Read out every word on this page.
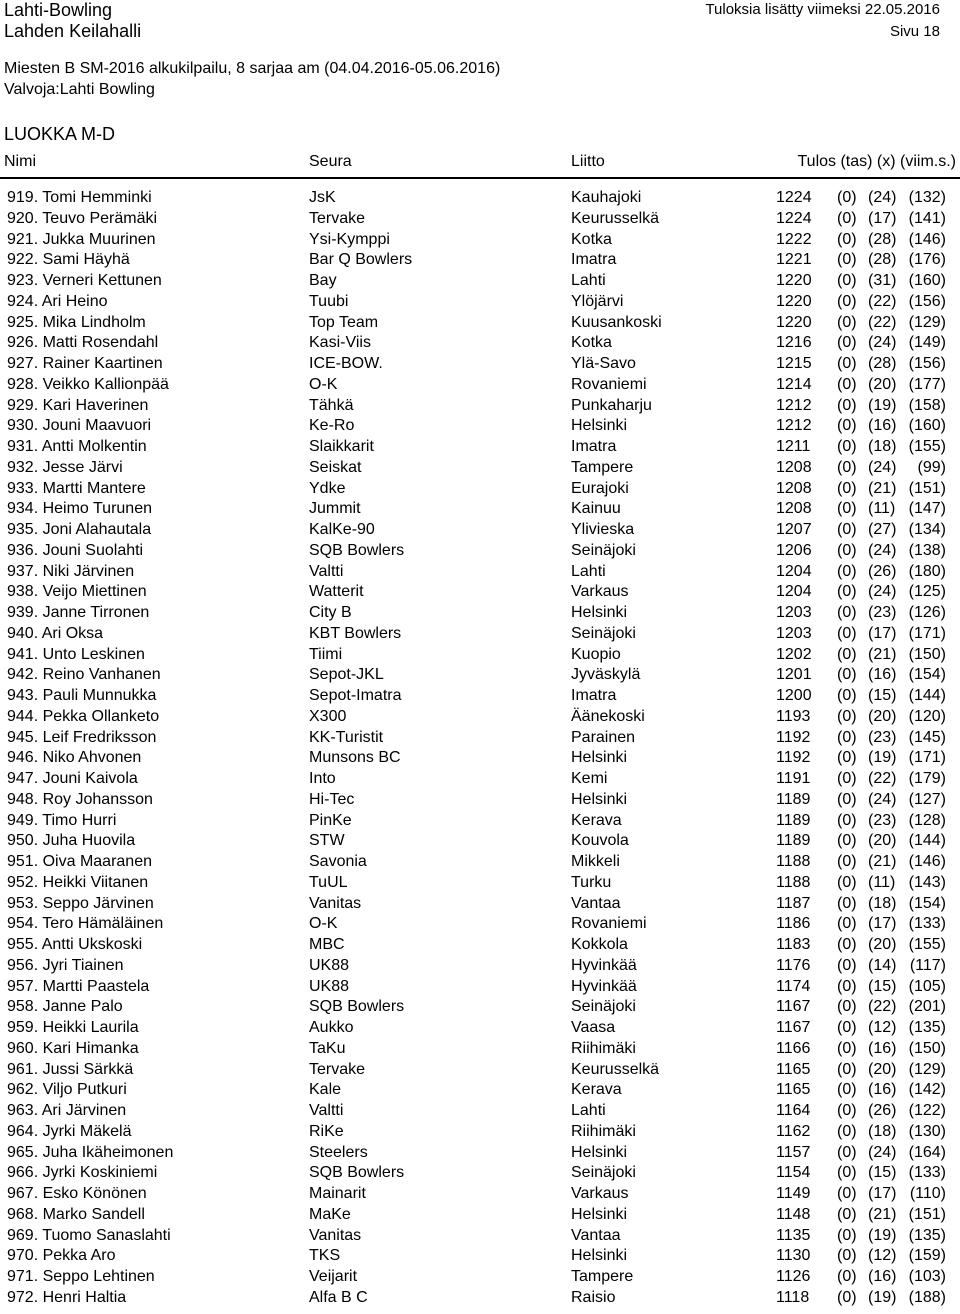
Lahti-Bowling
Lahden Keilahalli
Tuloksia lisätty viimeksi 22.05.2016
Sivu 18
Miesten B SM-2016 alkukilpailu, 8 sarjaa am (04.04.2016-05.06.2016)
Valvoja:Lahti Bowling
LUOKKA M-D
Nimi	Seura	Liitto	Tulos (tas) (x) (viim.s.)
919. Tomi Hemminki	JsK	Kauhajoki	1224 (0) (24) (132)
920. Teuvo Perämäki	Tervake	Keurusselkä	1224 (0) (17) (141)
921. Jukka Muurinen	Ysi-Kymppi	Kotka	1222 (0) (28) (146)
922. Sami Häyhä	Bar Q Bowlers	Imatra	1221 (0) (28) (176)
923. Verneri Kettunen	Bay	Lahti	1220 (0) (31) (160)
924. Ari Heino	Tuubi	Ylöjärvi	1220 (0) (22) (156)
925. Mika Lindholm	Top Team	Kuusankoski	1220 (0) (22) (129)
926. Matti Rosendahl	Kasi-Viis	Kotka	1216 (0) (24) (149)
927. Rainer Kaartinen	ICE-BOW.	Ylä-Savo	1215 (0) (28) (156)
928. Veikko Kallionpää	O-K	Rovaniemi	1214 (0) (20) (177)
929. Kari Haverinen	Tähkä	Punkaharju	1212 (0) (19) (158)
930. Jouni Maavuori	Ke-Ro	Helsinki	1212 (0) (16) (160)
931. Antti Molkentin	Slaikkarit	Imatra	1211 (0) (18) (155)
932. Jesse Järvi	Seiskat	Tampere	1208 (0) (24) (99)
933. Martti Mantere	Ydke	Eurajoki	1208 (0) (21) (151)
934. Heimo Turunen	Jummit	Kainuu	1208 (0) (11) (147)
935. Joni Alahautala	KalKe-90	Ylivieska	1207 (0) (27) (134)
936. Jouni Suolahti	SQB Bowlers	Seinäjoki	1206 (0) (24) (138)
937. Niki Järvinen	Valtti	Lahti	1204 (0) (26) (180)
938. Veijo Miettinen	Watterit	Varkaus	1204 (0) (24) (125)
939. Janne Tirronen	City B	Helsinki	1203 (0) (23) (126)
940. Ari Oksa	KBT Bowlers	Seinäjoki	1203 (0) (17) (171)
941. Unto Leskinen	Tiimi	Kuopio	1202 (0) (21) (150)
942. Reino Vanhanen	Sepot-JKL	Jyväskylä	1201 (0) (16) (154)
943. Pauli Munnukka	Sepot-Imatra	Imatra	1200 (0) (15) (144)
944. Pekka Ollanketo	X300	Äänekoski	1193 (0) (20) (120)
945. Leif Fredriksson	KK-Turistit	Parainen	1192 (0) (23) (145)
946. Niko Ahvonen	Munsons BC	Helsinki	1192 (0) (19) (171)
947. Jouni Kaivola	Into	Kemi	1191 (0) (22) (179)
948. Roy Johansson	Hi-Tec	Helsinki	1189 (0) (24) (127)
949. Timo Hurri	PinKe	Kerava	1189 (0) (23) (128)
950. Juha Huovila	STW	Kouvola	1189 (0) (20) (144)
951. Oiva Maaranen	Savonia	Mikkeli	1188 (0) (21) (146)
952. Heikki Viitanen	TuUL	Turku	1188 (0) (11) (143)
953. Seppo Järvinen	Vanitas	Vantaa	1187 (0) (18) (154)
954. Tero Hämäläinen	O-K	Rovaniemi	1186 (0) (17) (133)
955. Antti Ukskoski	MBC	Kokkola	1183 (0) (20) (155)
956. Jyri Tiainen	UK88	Hyvinkää	1176 (0) (14) (117)
957. Martti Paastela	UK88	Hyvinkää	1174 (0) (15) (105)
958. Janne Palo	SQB Bowlers	Seinäjoki	1167 (0) (22) (201)
959. Heikki Laurila	Aukko	Vaasa	1167 (0) (12) (135)
960. Kari Himanka	TaKu	Riihimäki	1166 (0) (16) (150)
961. Jussi Särkkä	Tervake	Keurusselkä	1165 (0) (20) (129)
962. Viljo Putkuri	Kale	Kerava	1165 (0) (16) (142)
963. Ari Järvinen	Valtti	Lahti	1164 (0) (26) (122)
964. Jyrki Mäkelä	RiKe	Riihimäki	1162 (0) (18) (130)
965. Juha Ikäheimonen	Steelers	Helsinki	1157 (0) (24) (164)
966. Jyrki Koskiniemi	SQB Bowlers	Seinäjoki	1154 (0) (15) (133)
967. Esko Könönen	Mainarit	Varkaus	1149 (0) (17) (110)
968. Marko Sandell	MaKe	Helsinki	1148 (0) (21) (151)
969. Tuomo Sanaslahti	Vanitas	Vantaa	1135 (0) (19) (135)
970. Pekka Aro	TKS	Helsinki	1130 (0) (12) (159)
971. Seppo Lehtinen	Veijarit	Tampere	1126 (0) (16) (103)
972. Henri Haltia	Alfa B C	Raisio	1118 (0) (19) (188)
